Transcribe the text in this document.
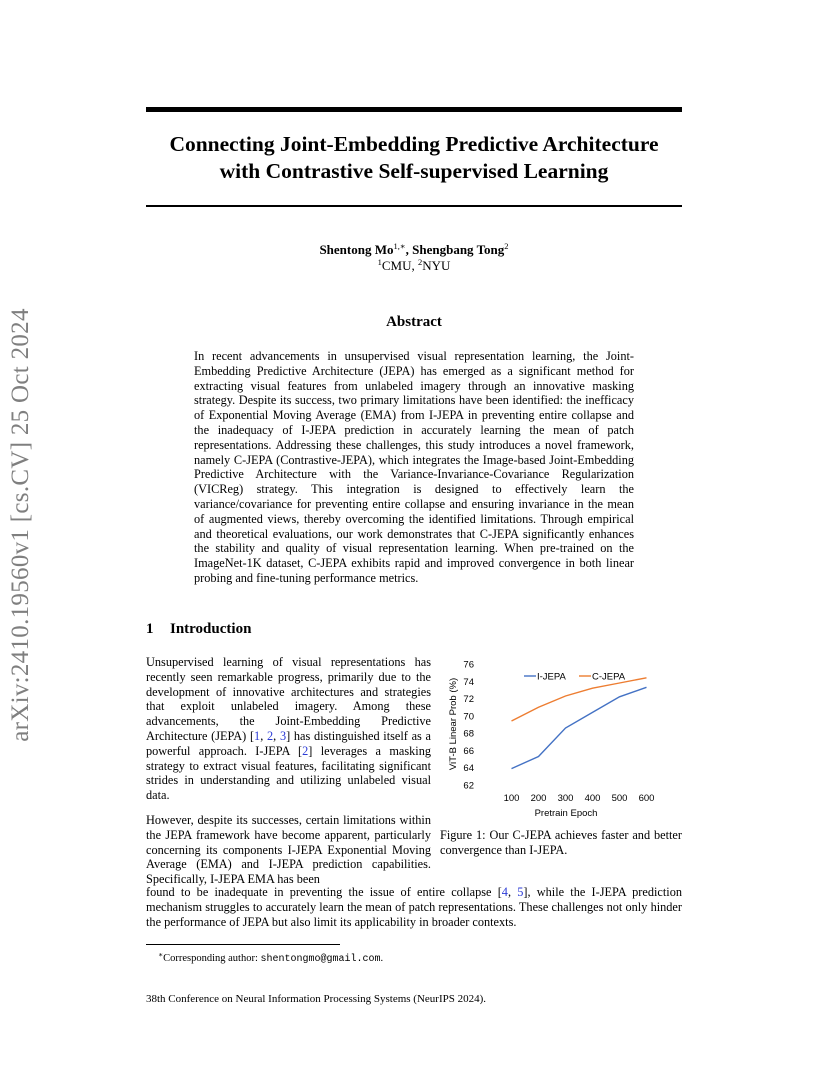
arXiv:2410.19560v1 [cs.CV] 25 Oct 2024
Connecting Joint-Embedding Predictive Architecture
with Contrastive Self-supervised Learning
Shentong $Mo^{1,∗}$, Shengbang Tong$^2$
$^1$CMU, $^2$NYU
Abstract
In recent advancements in unsupervised visual representation learning, the Joint-Embedding Predictive Architecture (JEPA) has emerged as a significant method for extracting visual features from unlabeled imagery through an innovative masking strategy. Despite its success, two primary limitations have been identified: the inefficacy of Exponential Moving Average (EMA) from I-JEPA in preventing entire collapse and the inadequacy of I-JEPA prediction in accurately learning the mean of patch representations. Addressing these challenges, this study introduces a novel framework, namely C-JEPA (Contrastive-JEPA), which integrates the Image-based Joint-Embedding Predictive Architecture with the Variance-Invariance-Covariance Regularization (VICReg) strategy. This integration is designed to effectively learn the variance/covariance for preventing entire collapse and ensuring invariance in the mean of augmented views, thereby overcoming the identified limitations. Through empirical and theoretical evaluations, our work demonstrates that C-JEPA significantly enhances the stability and quality of visual representation learning. When pre-trained on the ImageNet-1K dataset, C-JEPA exhibits rapid and improved convergence in both linear probing and fine-tuning performance metrics.
1 Introduction
Unsupervised learning of visual representations has recently seen remarkable progress, primarily due to the development of innovative architectures and strategies that exploit unlabeled imagery. Among these advancements, the Joint-Embedding Predictive Architecture (JEPA) [1, 2, 3] has distinguished itself as a powerful approach. I-JEPA [2] leverages a masking strategy to extract visual features, facilitating significant strides in understanding and utilizing unlabeled visual data.
However, despite its successes, certain limitations within the JEPA framework have become apparent, particularly concerning its components I-JEPA Exponential Moving Average (EMA) and I-JEPA prediction capabilities. Specifically, I-JEPA EMA has been
found to be inadequate in preventing the issue of entire collapse [4, 5], while the I-JEPA prediction mechanism struggles to accurately learn the mean of patch representations. These challenges not only hinder the performance of JEPA but also limit its applicability in broader contexts.
62
64
66
68
70
72
74
76
100 200 300 400 500 600
ViT-B Linear Prob (%)
Pretrain Epoch
I-JEPA	C-JEPA
Figure 1: Our C-JEPA achieves faster and better convergence than I-JEPA.
∗Corresponding author: shentongmo@gmail.com.
38th Conference on Neural Information Processing Systems (NeurIPS 2024).
